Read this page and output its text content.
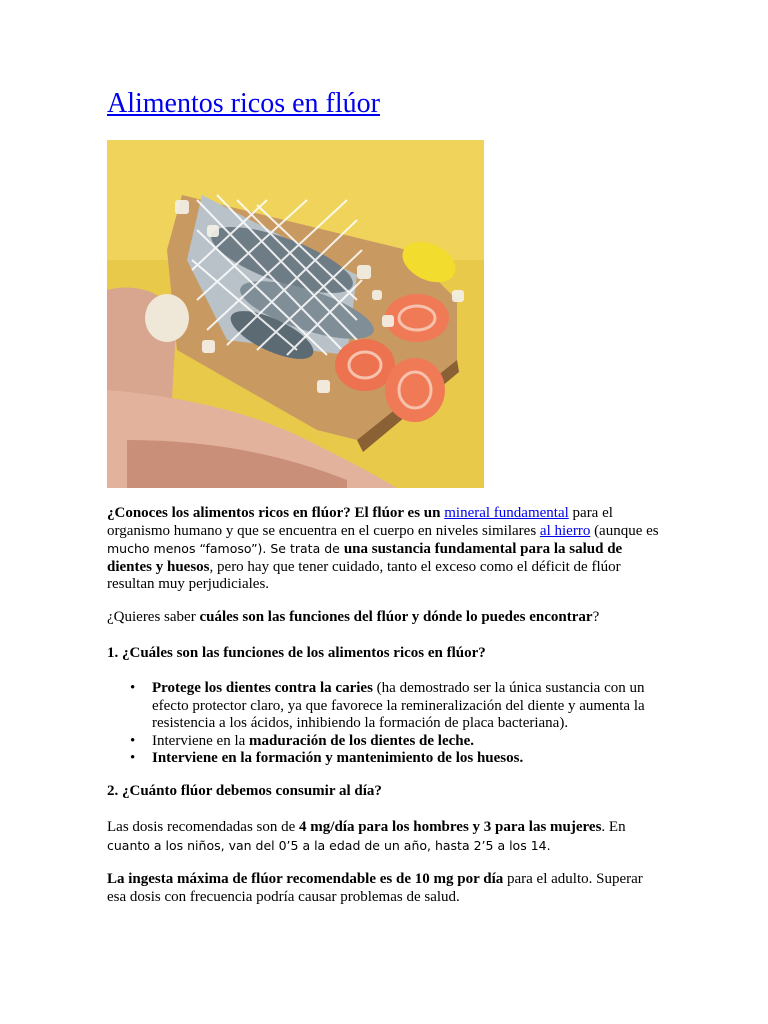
Alimentos ricos en flúor

¿Conoces los alimentos ricos en flúor? El flúor es un mineral fundamental para el organismo humano y que se encuentra en el cuerpo en niveles similares al hierro (aunque es mucho menos “famoso”). Se trata de una sustancia fundamental para la salud de dientes y huesos, pero hay que tener cuidado, tanto el exceso como el déficit de flúor resultan muy perjudiciales.

¿Quieres saber cuáles son las funciones del flúor y dónde lo puedes encontrar?

1. ¿Cuáles son las funciones de los alimentos ricos en flúor?

• Protege los dientes contra la caries (ha demostrado ser la única sustancia con un efecto protector claro, ya que favorece la remineralización del diente y aumenta la resistencia a los ácidos, inhibiendo la formación de placa bacteriana).
• Interviene en la maduración de los dientes de leche.
• Interviene en la formación y mantenimiento de los huesos.

2. ¿Cuánto flúor debemos consumir al día?

Las dosis recomendadas son de 4 mg/día para los hombres y 3 para las mujeres. En
cuanto a los niños, van del 0’5 a la edad de un año, hasta 2’5 a los 14.

La ingesta máxima de flúor recomendable es de 10 mg por día para el adulto. Superar esa dosis con frecuencia podría causar problemas de salud.
